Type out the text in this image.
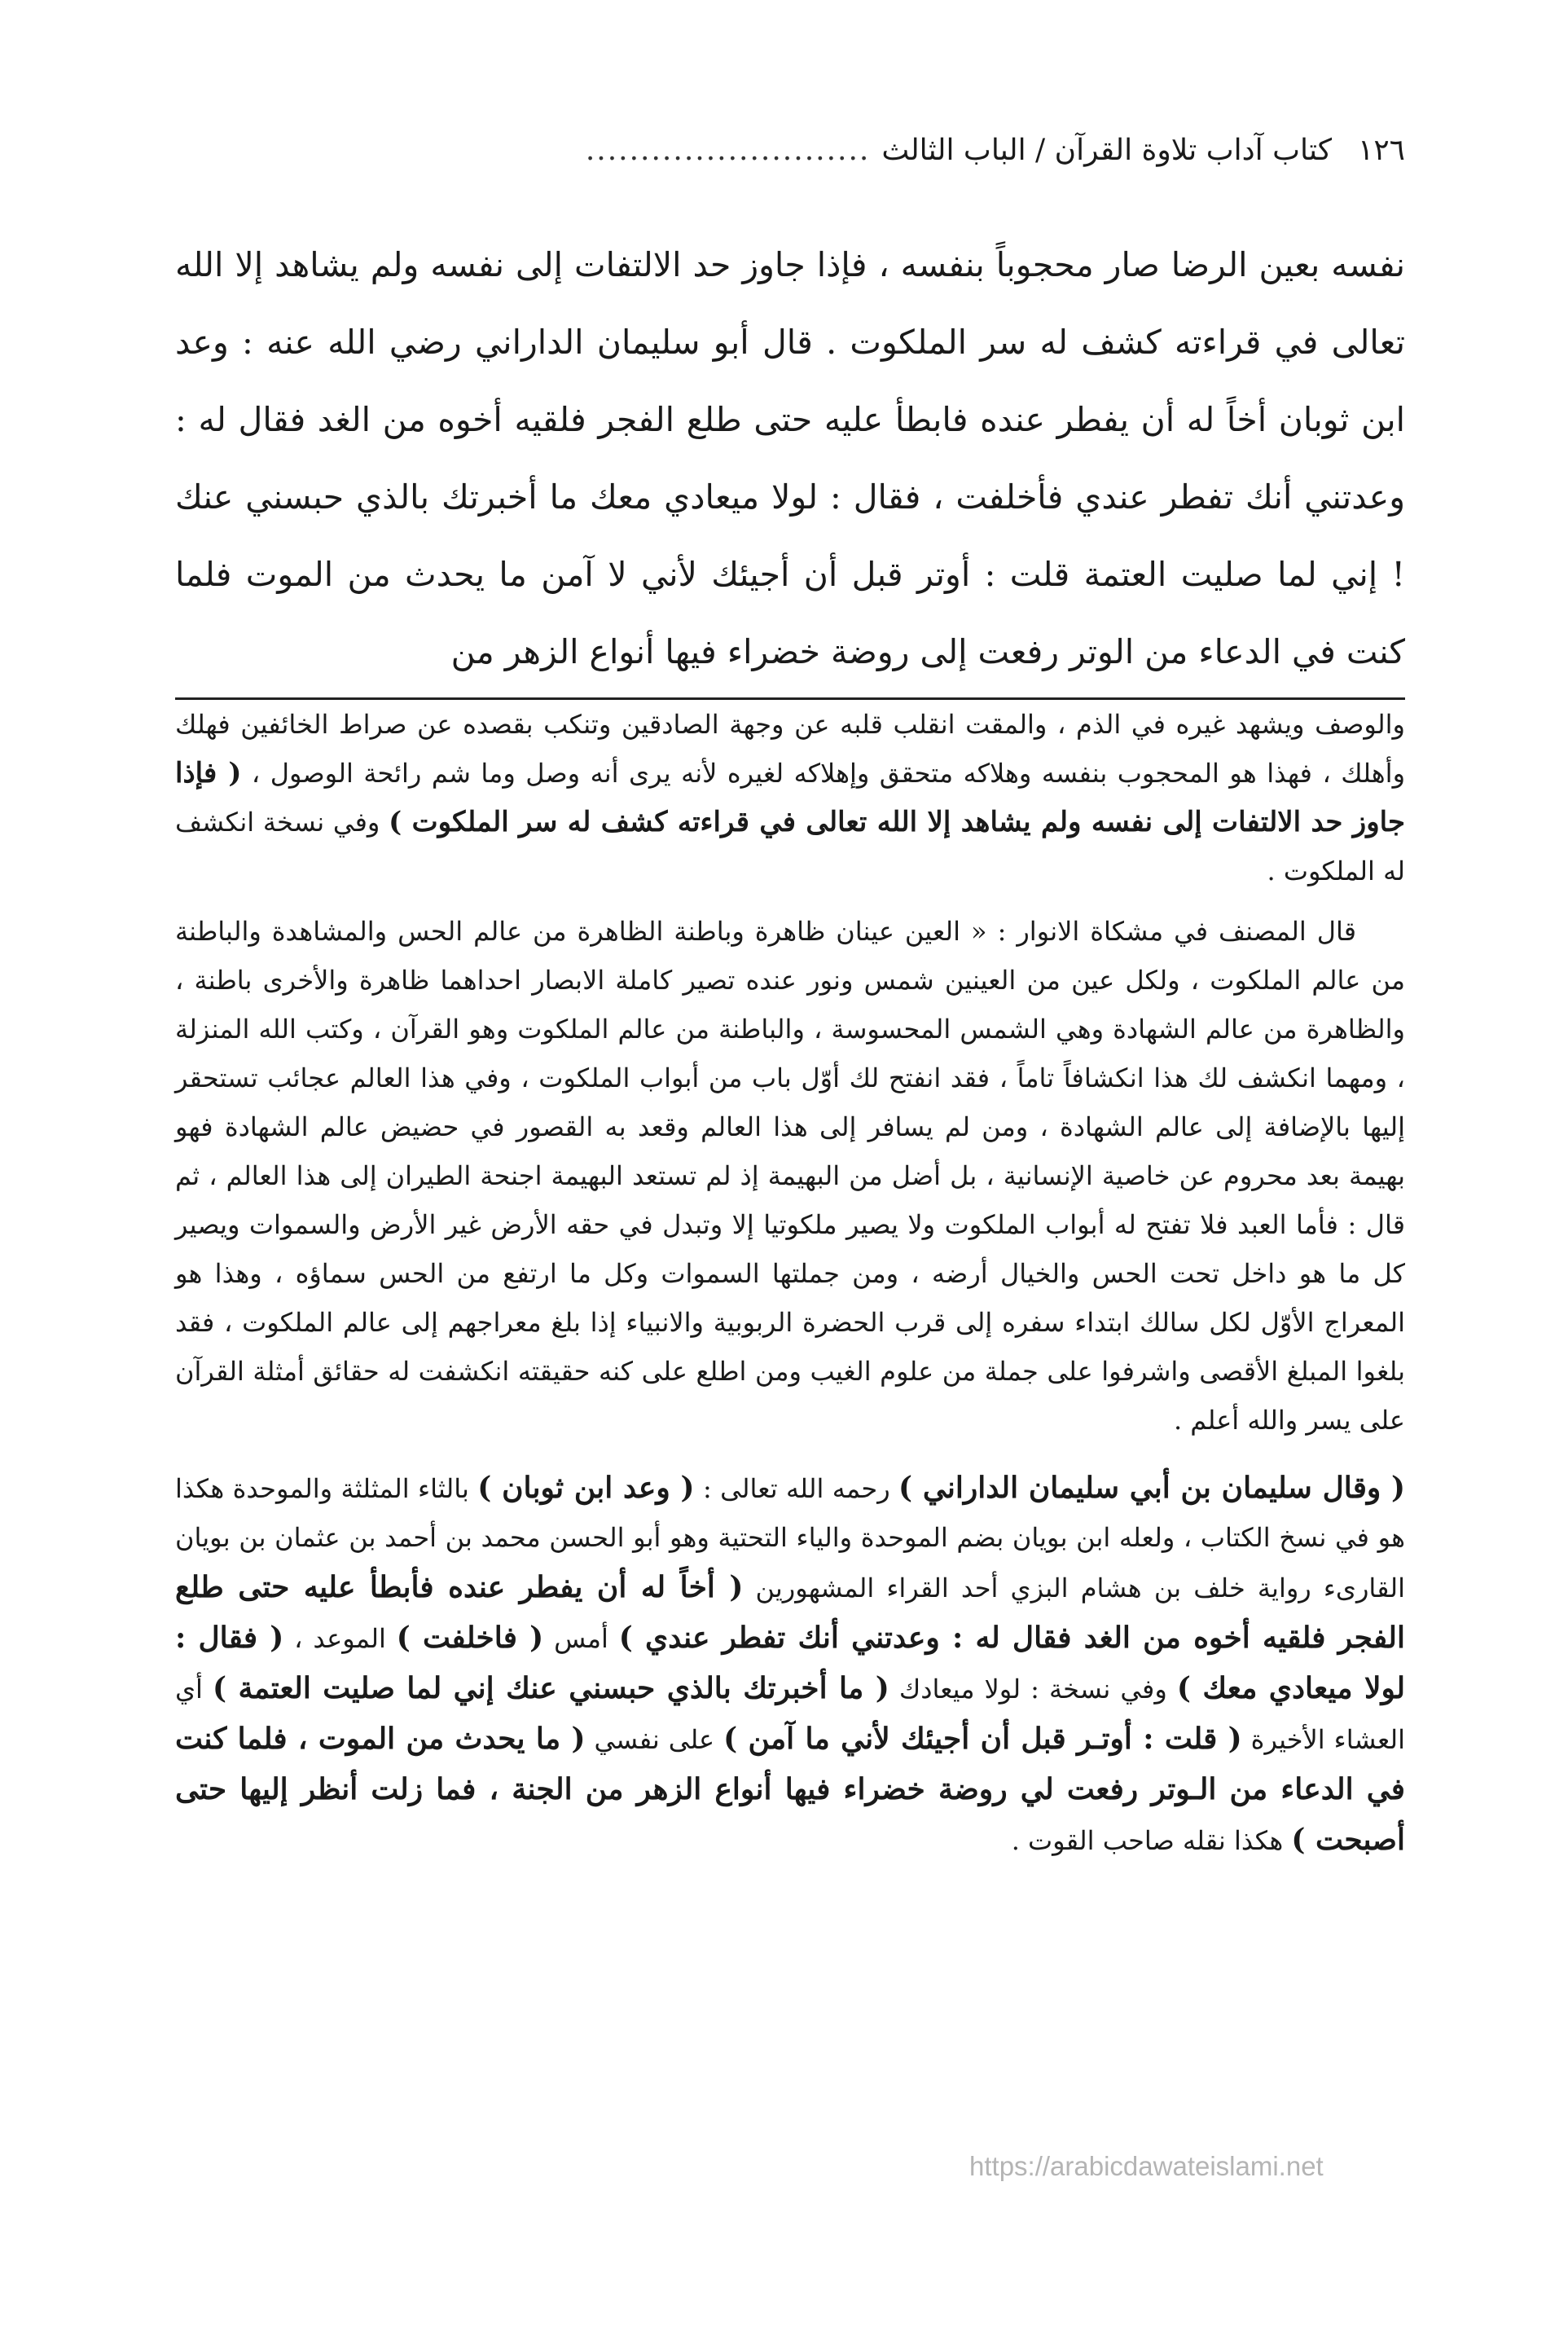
١٢٦
كتاب آداب تلاوة القرآن / الباب الثالث
..........................
نفسه بعين الرضا صار محجوباً بنفسه ، فإذا جاوز حد الالتفات إلى نفسه ولم يشاهد إلا الله تعالى في قراءته كشف له سر الملكوت . قال أبو سليمان الداراني رضي الله عنه : وعد ابن ثوبان أخاً له أن يفطر عنده فابطأ عليه حتى طلع الفجر فلقيه أخوه من الغد فقال له : وعدتني أنك تفطر عندي فأخلفت ، فقال : لولا ميعادي معك ما أخبرتك بالذي حبسني عنك ! إني لما صليت العتمة قلت : أوتر قبل أن أجيئك لأني لا آمن ما يحدث من الموت فلما كنت في الدعاء من الوتر رفعت إلى روضة خضراء فيها أنواع الزهر من

والوصف ويشهد غيره في الذم ، والمقت انقلب قلبه عن وجهة الصادقين وتنكب بقصده عن صراط الخائفين فهلك وأهلك ، فهذا هو المحجوب بنفسه وهلاكه متحقق وإهلاكه لغيره لأنه يرى أنه وصل وما شم رائحة الوصول ، ( فإذا جاوز حد الالتفات إلى نفسه ولم يشاهد إلا الله تعالى في قراءته كشف له سر الملكوت ) وفي نسخة انكشف له الملكوت .

قال المصنف في مشكاة الانوار : « العين عينان ظاهرة وباطنة الظاهرة من عالم الحس والمشاهدة والباطنة من عالم الملكوت ، ولكل عين من العينين شمس ونور عنده تصير كاملة الابصار احداهما ظاهرة والأخرى باطنة ، والظاهرة من عالم الشهادة وهي الشمس المحسوسة ، والباطنة من عالم الملكوت وهو القرآن ، وكتب الله المنزلة ، ومهما انكشف لك هذا انكشافاً تاماً ، فقد انفتح لك أوّل باب من أبواب الملكوت ، وفي هذا العالم عجائب تستحقر إليها بالإضافة إلى عالم الشهادة ، ومن لم يسافر إلى هذا العالم وقعد به القصور في حضيض عالم الشهادة فهو بهيمة بعد محروم عن خاصية الإنسانية ، بل أضل من البهيمة إذ لم تستعد البهيمة اجنحة الطيران إلى هذا العالم ، ثم قال : فأما العبد فلا تفتح له أبواب الملكوت ولا يصير ملكوتيا إلا وتبدل في حقه الأرض غير الأرض والسموات ويصير كل ما هو داخل تحت الحس والخيال أرضه ، ومن جملتها السموات وكل ما ارتفع من الحس سماؤه ، وهذا هو المعراج الأوّل لكل سالك ابتداء سفره إلى قرب الحضرة الربوبية والانبياء إذا بلغ معراجهم إلى عالم الملكوت ، فقد بلغوا المبلغ الأقصى واشرفوا على جملة من علوم الغيب ومن اطلع على كنه حقيقته انكشفت له حقائق أمثلة القرآن على يسر والله أعلم .

( وقال سليمان بن أبي سليمان الداراني ) رحمه الله تعالى : ( وعد ابن ثوبان ) بالثاء المثلثة والموحدة هكذا هو في نسخ الكتاب ، ولعله ابن بويان بضم الموحدة والياء التحتية وهو أبو الحسن محمد بن أحمد بن عثمان بن بويان القارىء رواية خلف بن هشام البزي أحد القراء المشهورين ( أخاً له أن يفطر عنده فأبطأ عليه حتى طلع الفجر فلقيه أخوه من الغد فقال له : وعدتني أنك تفطر عندي ) أمس ( فاخلفت ) الموعد ، ( فقال : لولا ميعادي معك ) وفي نسخة : لولا ميعادك ( ما أخبرتك بالذي حبسني عنك إني لما صليت العتمة ) أي العشاء الأخيرة ( قلت : أوتـر قبل أن أجيئك لأني ما آمن ) على نفسي ( ما يحدث من الموت ، فلما كنت في الدعاء من الـوتر رفعت لي روضة خضراء فيها أنواع الزهر من الجنة ، فما زلت أنظر إليها حتى أصبحت ) هكذا نقله صاحب القوت .

https://arabicdawateislami.net
